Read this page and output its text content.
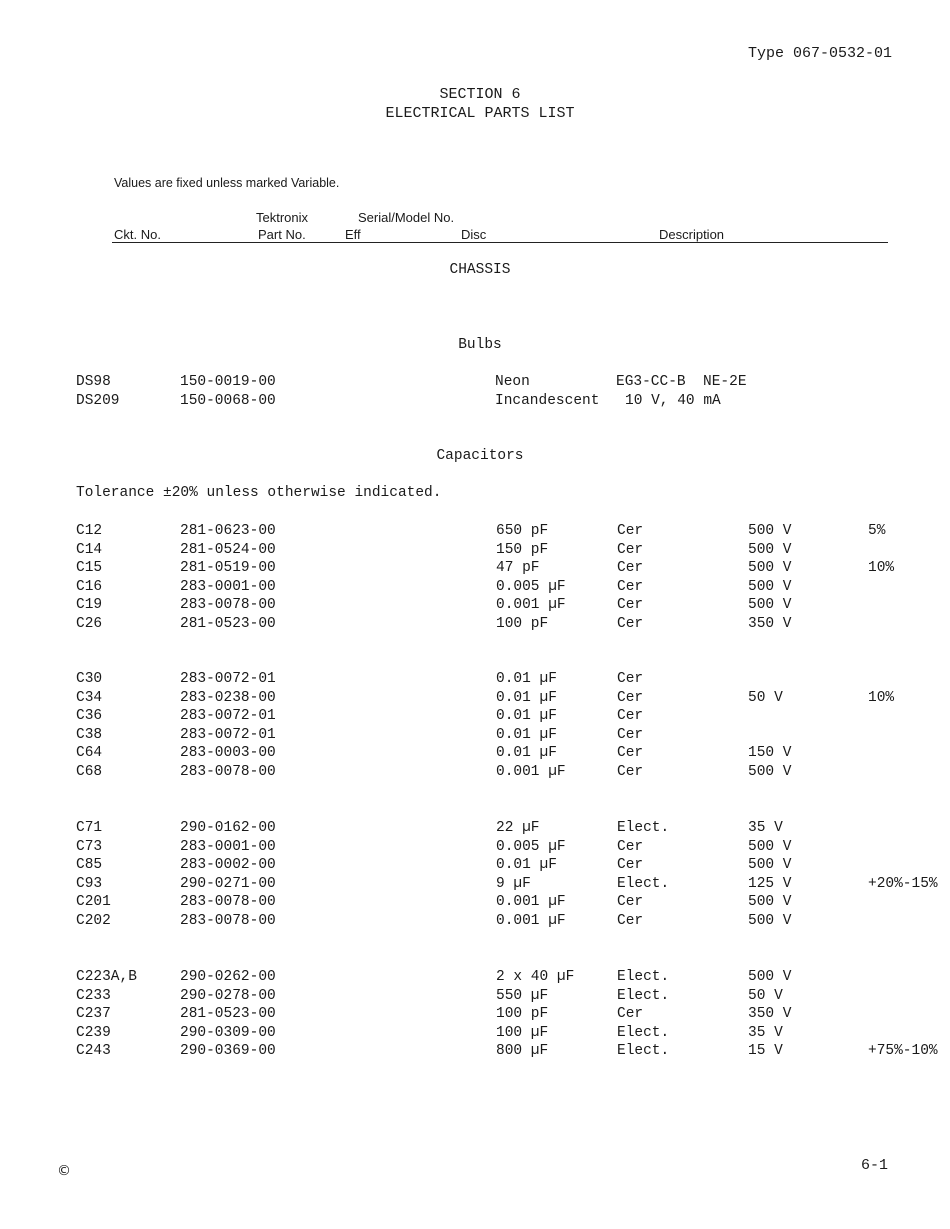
Type 067-0532-01
SECTION 6
ELECTRICAL PARTS LIST
Values are fixed unless marked Variable.
Tektronix	Serial/Model No.
Ckt. No.	Part No.	Eff	Disc	Description
CHASSIS
Bulbs
DS98	150-0019-00	Neon	EG3-CC-B  NE-2E
DS209	150-0068-00	Incandescent 10 V, 40 mA
Capacitors
Tolerance ±20% unless otherwise indicated.
C12	281-0623-00	650 pF	Cer	500 V	5%
C14	281-0524-00	150 pF	Cer	500 V
C15	281-0519-00	47 pF	Cer	500 V	10%
C16	283-0001-00	0.005 µF	Cer	500 V
C19	283-0078-00	0.001 µF	Cer	500 V
C26	281-0523-00	100 pF	Cer	350 V
C30	283-0072-01	0.01 µF	Cer
C34	283-0238-00	0.01 µF	Cer	50 V	10%
C36	283-0072-01	0.01 µF	Cer
C38	283-0072-01	0.01 µF	Cer
C64	283-0003-00	0.01 µF	Cer	150 V
C68	283-0078-00	0.001 µF	Cer	500 V
C71	290-0162-00	22 µF	Elect.	35 V
C73	283-0001-00	0.005 µF	Cer	500 V
C85	283-0002-00	0.01 µF	Cer	500 V
C93	290-0271-00	9 µF	Elect.	125 V	+20%-15%
C201	283-0078-00	0.001 µF	Cer	500 V
C202	283-0078-00	0.001 µF	Cer	500 V
C223A,B	290-0262-00	2 x 40 µF	Elect.	500 V
C233	290-0278-00	550 µF	Elect.	50 V
C237	281-0523-00	100 pF	Cer	350 V
C239	290-0309-00	100 µF	Elect.	35 V
C243	290-0369-00	800 µF	Elect.	15 V	+75%-10%
©	6-1
